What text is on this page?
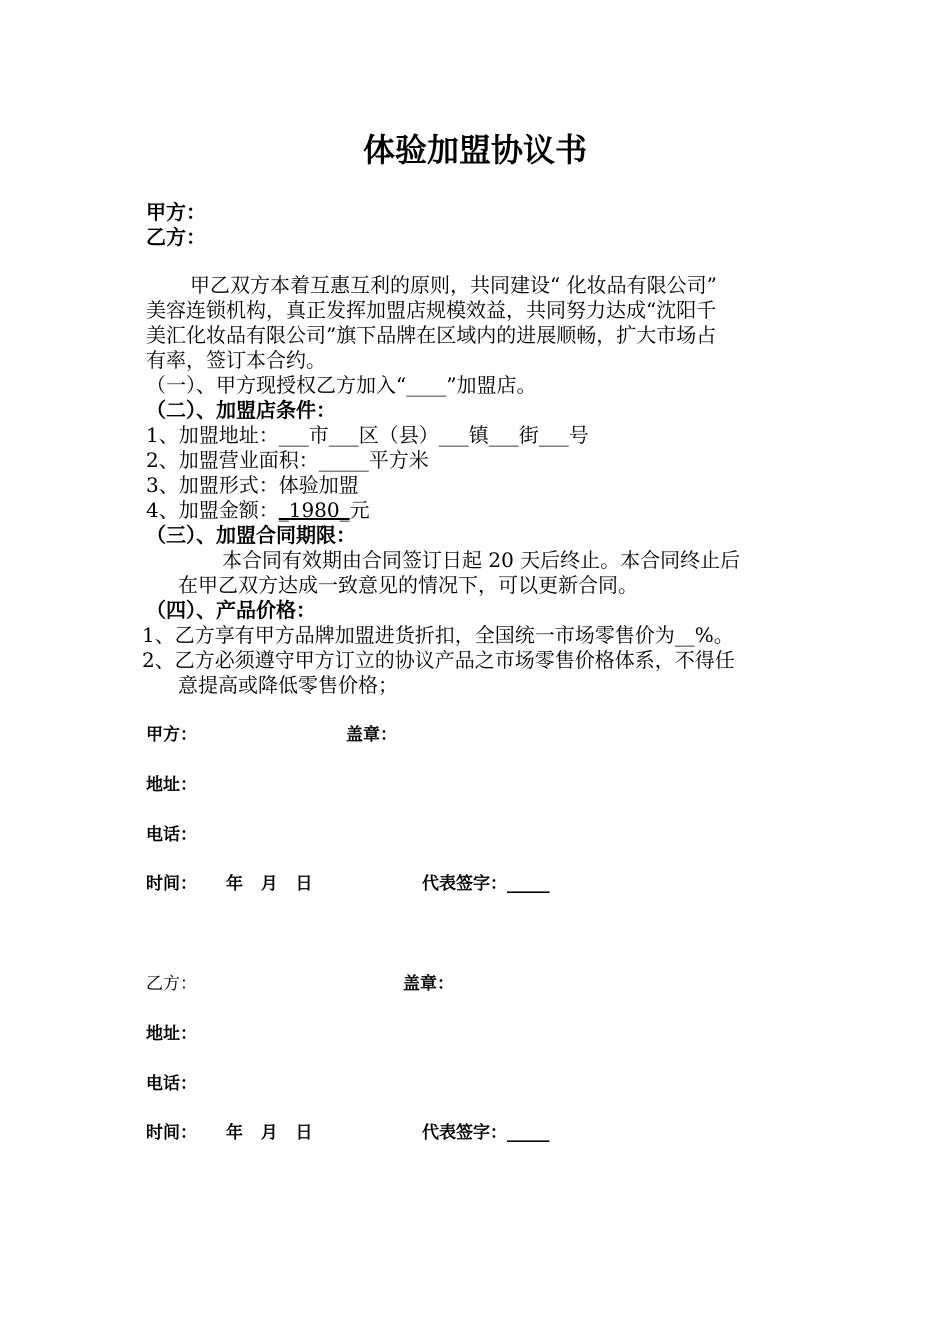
体验加盟协议书
甲方：
乙方：
甲乙双方本着互惠互利的原则，共同建设“ 化妆品有限公司”
美容连锁机构，真正发挥加盟店规模效益，共同努力达成“沈阳千
美汇化妆品有限公司”旗下品牌在区域内的进展顺畅，扩大市场占
有率，签订本合约。
（一）、甲方现授权乙方加入“____”加盟店。
（二）、加盟店条件：
1、加盟地址：___市___区（县）___镇___街___号
2、加盟营业面积：_____平方米
3、加盟形式：体验加盟
4、加盟金额：_1980_元
（三）、加盟合同期限：
本合同有效期由合同签订日起 20 天后终止。本合同终止后
在甲乙双方达成一致意见的情况下，可以更新合同。
（四）、产品价格：
1、乙方享有甲方品牌加盟进货折扣，全国统一市场零售价为__%。
2、乙方必须遵守甲方订立的协议产品之市场零售价格体系，不得任
意提高或降低零售价格；
甲方：	盖章：
地址：
电话：
时间： 年   月   日	代表签字：_____
乙方：	盖章：
地址：
电话：
时间： 年   月   日	代表签字：_____
